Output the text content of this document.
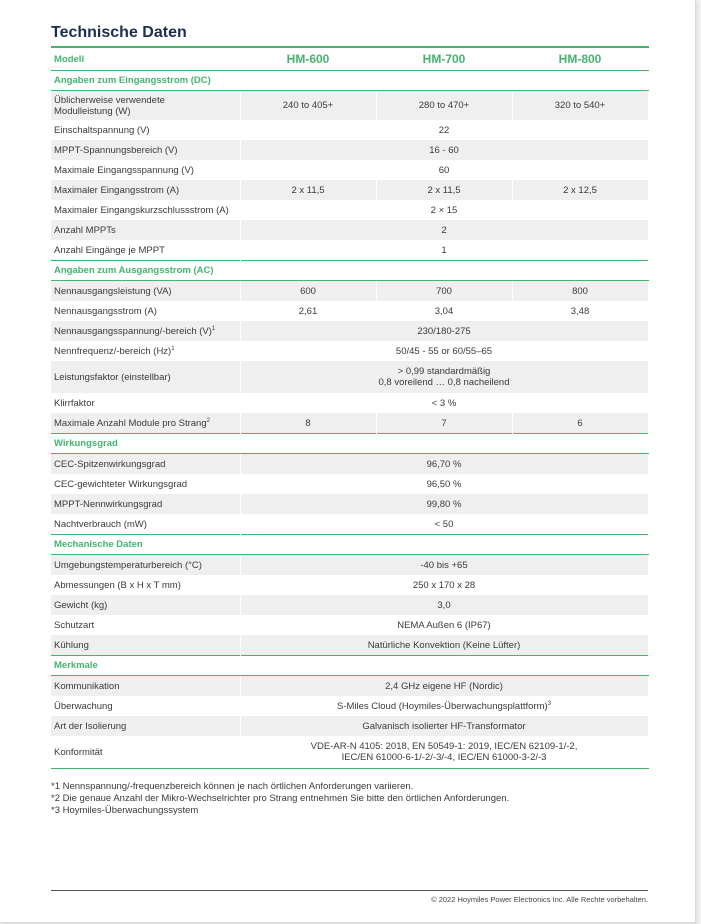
Technische Daten
Modell	HM-600	HM-700	HM-800
Angaben zum Eingangsstrom (DC)			
Üblicherweise verwendete
Modulleistung (W)	240 to 405+	280 to 470+	320 to 540+
Einschaltspannung (V)	22		
MPPT-Spannungsbereich (V)	16 - 60		
Maximale Eingangsspannung (V)	60		
Maximaler Eingangsstrom (A)	2 x 11,5	2 x 11,5	2 x 12,5
Maximaler Eingangskurzschlussstrom (A)	2 × 15		
Anzahl MPPTs	2		
Anzahl Eingänge je MPPT	1		
Angaben zum Ausgangsstrom (AC)			
Nennausgangsleistung (VA)	600	700	800
Nennausgangsstrom (A)	2,61	3,04	3,48
Nennausgangsspannung/-bereich $(V)^1$	230/180-275		
Nennfrequenz/-bereich $(Hz)^1$	50/45 - 55 or 60/55–65		
Leistungsfaktor (einstellbar)	> 0,99 standardmäßig
0,8 voreilend … 0,8 nacheilend		
Klirrfaktor	< 3 %		
Maximale Anzahl Module pro Strang$^2$	8	7	6
Wirkungsgrad			
CEC-Spitzenwirkungsgrad	96,70 %		
CEC-gewichteter Wirkungsgrad	96,50 %		
MPPT-Nennwirkungsgrad	99,80 %		
Nachtverbrauch (mW)	< 50		
Mechanische Daten			
Umgebungstemperaturbereich (°C)	-40 bis +65		
Abmessungen (B x H x T mm)	250 x 170 x 28		
Gewicht (kg)	3,0		
Schutzart	NEMA Außen 6 (IP67)		
Kühlung	Natürliche Konvektion (Keine Lüfter)		
Merkmale			
Kommunikation	2,4 GHz eigene HF (Nordic)		
Überwachung	S-Miles Cloud (Hoymiles-Überwachungsplattform)$^3$
Art der Isolierung	Galvanisch isolierter HF-Transformator		
Konformität	VDE-AR-N 4105: 2018, EN 50549-1: 2019, IEC/EN 62109-1/-2,
IEC/EN 61000-6-1/-2/-3/-4, IEC/EN 61000-3-2/-3		
*1 Nennspannung/-frequenzbereich können je nach örtlichen Anforderungen variieren.
*2 Die genaue Anzahl der Mikro-Wechselrichter pro Strang entnehmen Sie bitte den örtlichen Anforderungen.
*3 Hoymiles-Überwachungssystem
© 2022 Hoymiles Power Electronics Inc. Alle Rechte vorbehalten.
